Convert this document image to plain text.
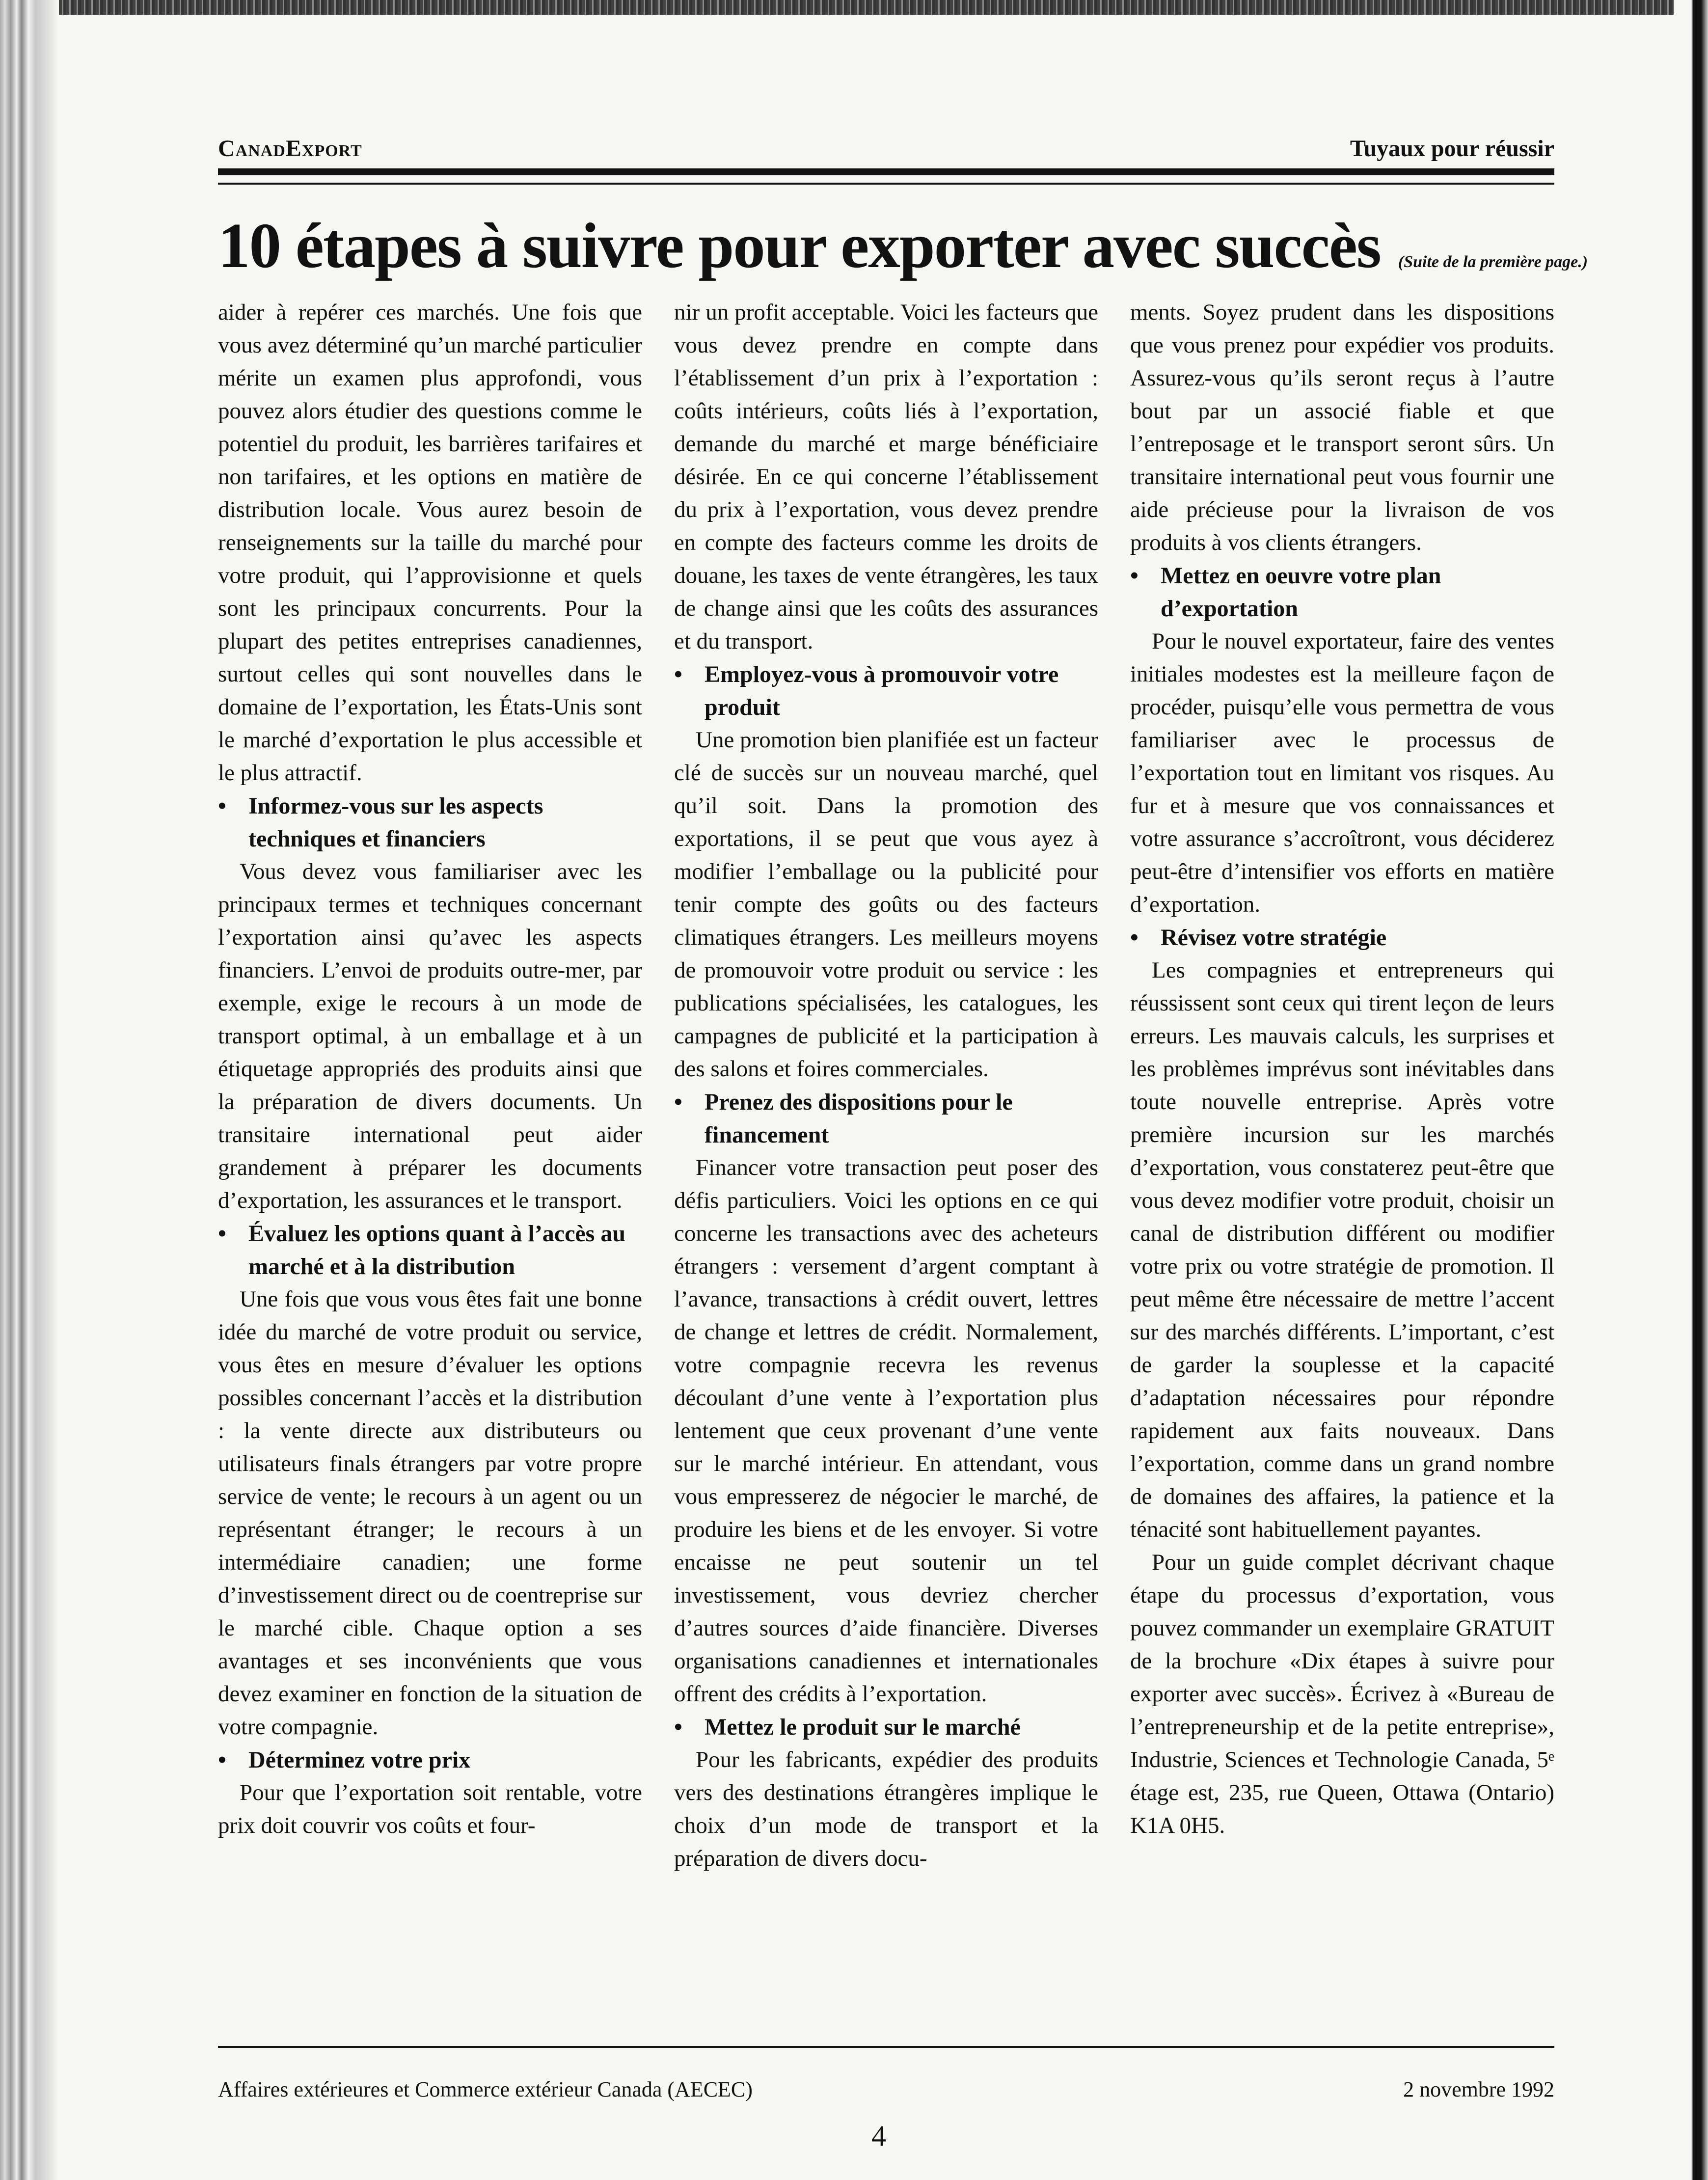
CanadExport	Tuyaux pour réussir
10 étapes à suivre pour exporter avec succès (Suite de la première page.)

aider à repérer ces marchés. Une fois que vous avez déterminé qu’un marché particulier mérite un examen plus approfondi, vous pouvez alors étudier des questions comme le potentiel du produit, les barrières tarifaires et non tarifaires, et les options en matière de distribution locale. Vous aurez besoin de renseignements sur la taille du marché pour votre produit, qui l’approvisionne et quels sont les principaux concurrents. Pour la plupart des petites entreprises canadiennes, surtout celles qui sont nouvelles dans le domaine de l’exportation, les États-Unis sont le marché d’exportation le plus accessible et le plus attractif.

• Informez-vous sur les aspects techniques et financiers

Vous devez vous familiariser avec les principaux termes et techniques concernant l’exportation ainsi qu’avec les aspects financiers. L’envoi de produits outre-mer, par exemple, exige le recours à un mode de transport optimal, à un emballage et à un étiquetage appropriés des produits ainsi que la préparation de divers documents. Un transitaire international peut aider grandement à préparer les documents d’exportation, les assurances et le transport.

• Évaluez les options quant à l’accès au marché et à la distribution

Une fois que vous vous êtes fait une bonne idée du marché de votre produit ou service, vous êtes en mesure d’évaluer les options possibles concernant l’accès et la distribution : la vente directe aux distributeurs ou utilisateurs finals étrangers par votre propre service de vente; le recours à un agent ou un représentant étranger; le recours à un intermédiaire canadien; une forme d’investissement direct ou de coentreprise sur le marché cible. Chaque option a ses avantages et ses inconvénients que vous devez examiner en fonction de la situation de votre compagnie.

• Déterminez votre prix

Pour que l’exportation soit rentable, votre prix doit couvrir vos coûts et four-

nir un profit acceptable. Voici les facteurs que vous devez prendre en compte dans l’établissement d’un prix à l’exportation : coûts intérieurs, coûts liés à l’exportation, demande du marché et marge bénéficiaire désirée. En ce qui concerne l’établissement du prix à l’exportation, vous devez prendre en compte des facteurs comme les droits de douane, les taxes de vente étrangères, les taux de change ainsi que les coûts des assurances et du transport.

• Employez-vous à promouvoir votre produit

Une promotion bien planifiée est un facteur clé de succès sur un nouveau marché, quel qu’il soit. Dans la promotion des exportations, il se peut que vous ayez à modifier l’emballage ou la publicité pour tenir compte des goûts ou des facteurs climatiques étrangers. Les meilleurs moyens de promouvoir votre produit ou service : les publications spécialisées, les catalogues, les campagnes de publicité et la participation à des salons et foires commerciales.

• Prenez des dispositions pour le financement

Financer votre transaction peut poser des défis particuliers. Voici les options en ce qui concerne les transactions avec des acheteurs étrangers : versement d’argent comptant à l’avance, transactions à crédit ouvert, lettres de change et lettres de crédit. Normalement, votre compagnie recevra les revenus découlant d’une vente à l’exportation plus lentement que ceux provenant d’une vente sur le marché intérieur. En attendant, vous vous empresserez de négocier le marché, de produire les biens et de les envoyer. Si votre encaisse ne peut soutenir un tel investissement, vous devriez chercher d’autres sources d’aide financière. Diverses organisations canadiennes et internationales offrent des crédits à l’exportation.

• Mettez le produit sur le marché

Pour les fabricants, expédier des produits vers des destinations étrangères implique le choix d’un mode de transport et la préparation de divers docu-

ments. Soyez prudent dans les dispositions que vous prenez pour expédier vos produits. Assurez-vous qu’ils seront reçus à l’autre bout par un associé fiable et que l’entreposage et le transport seront sûrs. Un transitaire international peut vous fournir une aide précieuse pour la livraison de vos produits à vos clients étrangers.

• Mettez en oeuvre votre plan d’exportation

Pour le nouvel exportateur, faire des ventes initiales modestes est la meilleure façon de procéder, puisqu’elle vous permettra de vous familiariser avec le processus de l’exportation tout en limitant vos risques. Au fur et à mesure que vos connaissances et votre assurance s’accroîtront, vous déciderez peut-être d’intensifier vos efforts en matière d’exportation.

• Révisez votre stratégie

Les compagnies et entrepreneurs qui réussissent sont ceux qui tirent leçon de leurs erreurs. Les mauvais calculs, les surprises et les problèmes imprévus sont inévitables dans toute nouvelle entreprise. Après votre première incursion sur les marchés d’exportation, vous constaterez peut-être que vous devez modifier votre produit, choisir un canal de distribution différent ou modifier votre prix ou votre stratégie de promotion. Il peut même être nécessaire de mettre l’accent sur des marchés différents. L’important, c’est de garder la souplesse et la capacité d’adaptation nécessaires pour répondre rapidement aux faits nouveaux. Dans l’exportation, comme dans un grand nombre de domaines des affaires, la patience et la ténacité sont habituellement payantes.

Pour un guide complet décrivant chaque étape du processus d’exportation, vous pouvez commander un exemplaire GRATUIT de la brochure «Dix étapes à suivre pour exporter avec succès». Écrivez à «Bureau de l’entrepreneurship et de la petite entreprise», Industrie, Sciences et Technologie Canada, 5ᵉ étage est, 235, rue Queen, Ottawa (Ontario) K1A 0H5.

Affaires extérieures et Commerce extérieur Canada (AECEC)	2 novembre 1992
4
